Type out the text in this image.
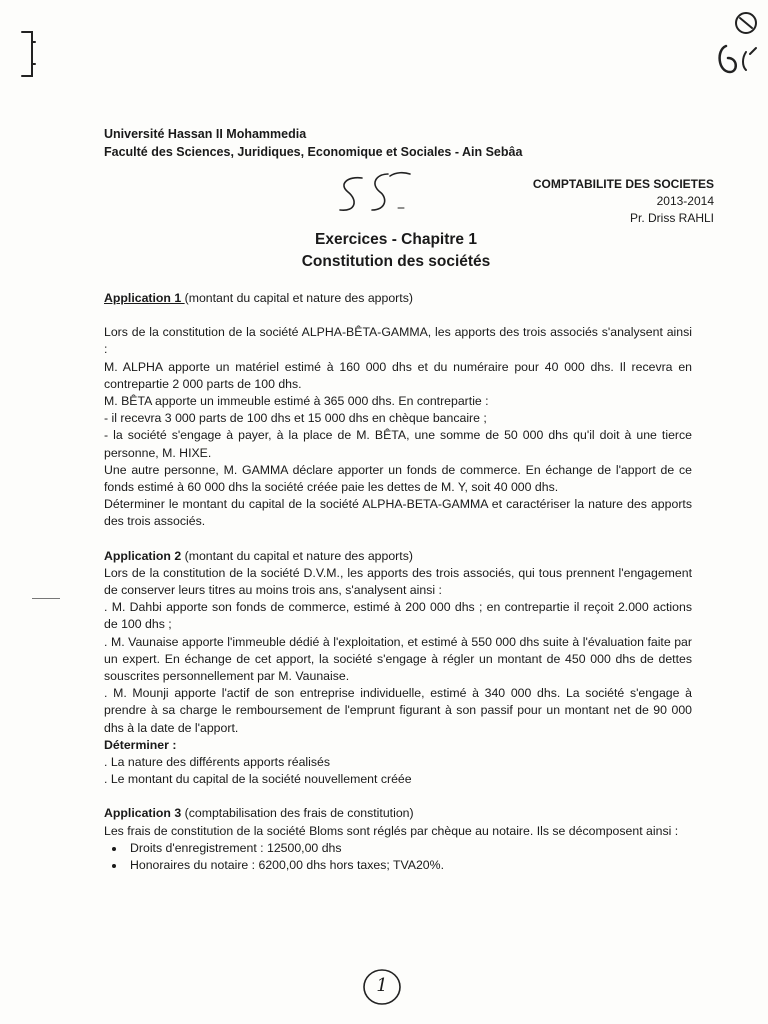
Université Hassan II Mohammedia
Faculté des Sciences, Juridiques, Economique et Sociales - Ain Sebâa
COMPTABILITE DES SOCIETES
2013-2014
Pr. Driss RAHLI
Exercices - Chapitre 1
Constitution des sociétés

Application 1 (montant du capital et nature des apports)

Lors de la constitution de la société ALPHA-BÊTA-GAMMA, les apports des trois associés s'analysent ainsi :

M. ALPHA apporte un matériel estimé à 160 000 dhs et du numéraire pour 40 000 dhs. Il recevra en contrepartie 2 000 parts de 100 dhs.

M. BÊTA apporte un immeuble estimé à 365 000 dhs. En contrepartie :

- il recevra 3 000 parts de 100 dhs et 15 000 dhs en chèque bancaire ;

- la société s'engage à payer, à la place de M. BÊTA, une somme de 50 000 dhs qu'il doit à une tierce personne, M. HIXE.

Une autre personne, M. GAMMA déclare apporter un fonds de commerce. En échange de l'apport de ce fonds estimé à 60 000 dhs la société créée paie les dettes de M. Y, soit 40 000 dhs.

Déterminer le montant du capital de la société ALPHA-BETA-GAMMA et caractériser la nature des apports des trois associés.

Application 2 (montant du capital et nature des apports)

Lors de la constitution de la société D.V.M., les apports des trois associés, qui tous prennent l'engagement de conserver leurs titres au moins trois ans, s'analysent ainsi :

. M. Dahbi apporte son fonds de commerce, estimé à 200 000 dhs ; en contrepartie il reçoit 2.000 actions de 100 dhs ;

. M. Vaunaise apporte l'immeuble dédié à l'exploitation, et estimé à 550 000 dhs suite à l'évaluation faite par un expert. En échange de cet apport, la société s'engage à régler un montant de 450 000 dhs de dettes souscrites personnellement par M. Vaunaise.

. M. Mounji apporte l'actif de son entreprise individuelle, estimé à 340 000 dhs. La société s'engage à prendre à sa charge le remboursement de l'emprunt figurant à son passif pour un montant net de 90 000 dhs à la date de l'apport.

Déterminer :

. La nature des différents apports réalisés

. Le montant du capital de la société nouvellement créée

Application 3 (comptabilisation des frais de constitution)

Les frais de constitution de la société Bloms sont réglés par chèque au notaire. Ils se décomposent ainsi :

• Droits d'enregistrement : 12500,00 dhs
• Honoraires du notaire : 6200,00 dhs hors taxes; TVA20%.
1
